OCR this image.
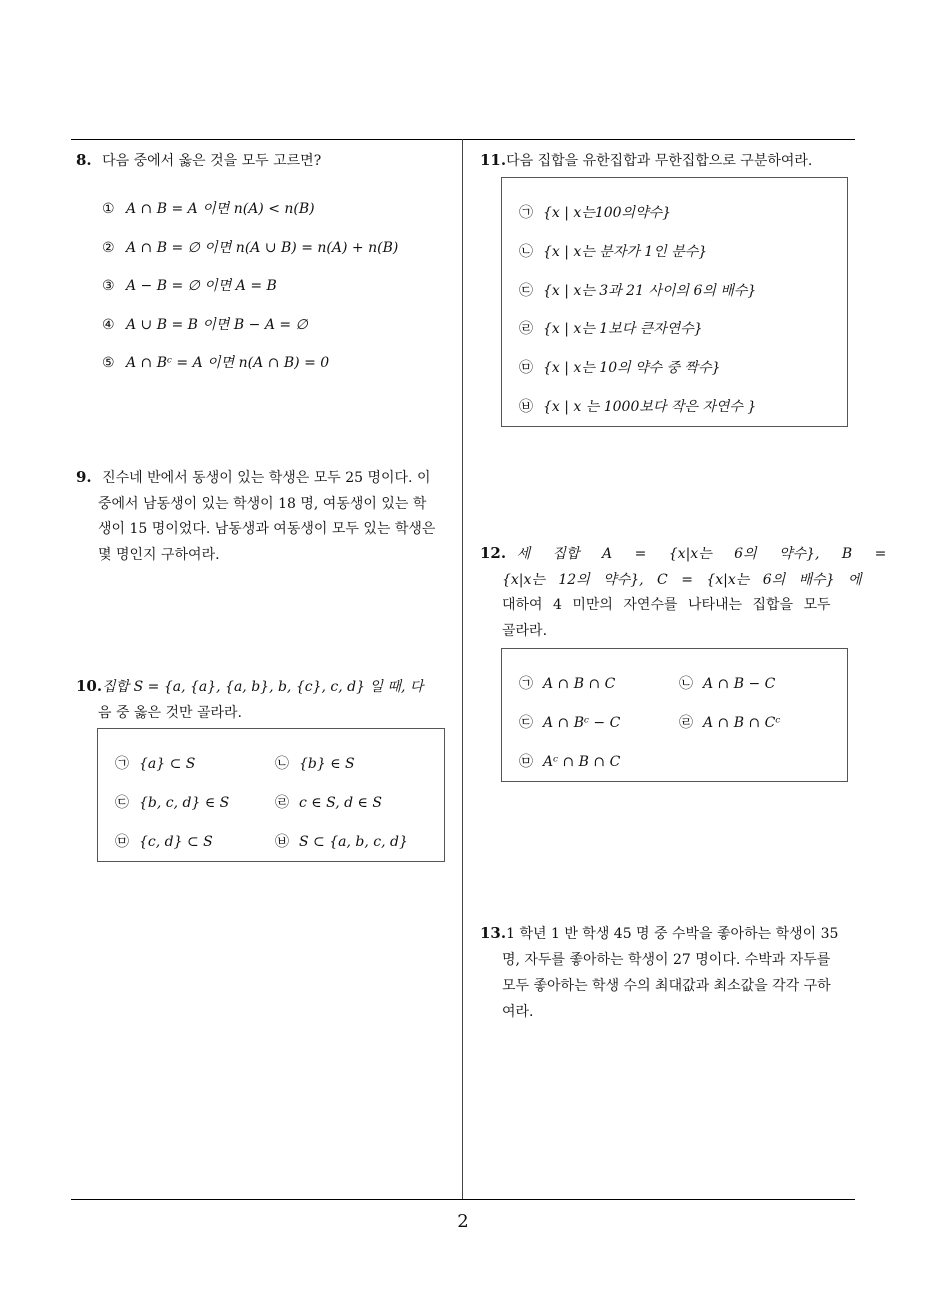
8. 다음 중에서 옳은 것을 모두 고르면?
① A ∩ B = A 이면 n(A) < n(B)
② A ∩ B = ∅ 이면 n(A ∪ B) = n(A) + n(B)
③ A − B = ∅ 이면 A = B
④ A ∪ B = B 이면 B − A = ∅
⑤ A ∩ Bᶜ = A 이면 n(A ∩ B) = 0
9. 진수네 반에서 동생이 있는 학생은 모두 25 명이다. 이
중에서 남동생이 있는 학생이 18 명, 여동생이 있는 학
생이 15 명이었다. 남동생과 여동생이 모두 있는 학생은
몇 명인지 구하여라.
10.집합 S = {a, {a}, {a, b}, b, {c}, c, d} 일 때, 다
음 중 옳은 것만 골라라.
㉠ {a} ⊂ S	㉡ {b} ∈ S
㉢ {b, c, d} ∈ S	㉣ c ∈ S, d ∈ S
㉤ {c, d} ⊂ S	㉥ S ⊂ {a, b, c, d}
11.다음 집합을 유한집합과 무한집합으로 구분하여라.
㉠ {x | x는100의약수}
㉡ {x | x는 분자가 1인 분수}
㉢ {x | x는 3과 21 사이의 6의 배수}
㉣ {x | x는 1보다 큰자연수}
㉤ {x | x는 10의 약수 중 짝수}
㉥ {x | x 는 1000보다 작은 자연수 }
12. 세 집합 A = {x|x는 6의 약수}, B =
{x|x는 12의 약수}, C = {x|x는 6의 배수} 에
대하여 4 미만의 자연수를 나타내는 집합을 모두
골라라.
㉠ A ∩ B ∩ C	㉡ A ∩ B − C
㉢ A ∩ Bᶜ − C	㉣ A ∩ B ∩ Cᶜ
㉤ Aᶜ ∩ B ∩ C
13.1 학년 1 반 학생 45 명 중 수박을 좋아하는 학생이 35
명, 자두를 좋아하는 학생이 27 명이다. 수박과 자두를
모두 좋아하는 학생 수의 최대값과 최소값을 각각 구하
여라.
2
